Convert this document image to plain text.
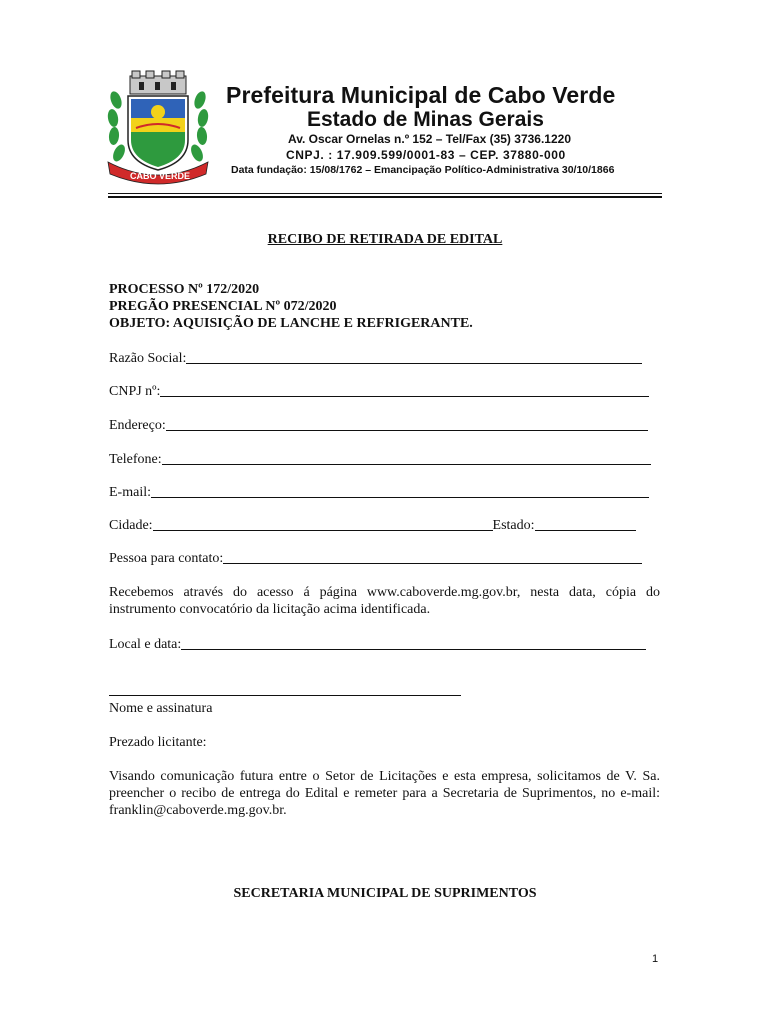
CABO VERDE
Prefeitura Municipal de Cabo Verde
Estado de Minas Gerais
Av. Oscar Ornelas n.º 152 – Tel/Fax (35) 3736.1220
CNPJ. : 17.909.599/0001-83 – CEP. 37880-000
Data fundação: 15/08/1762 – Emancipação Político-Administrativa 30/10/1866
RECIBO DE RETIRADA DE EDITAL
PROCESSO Nº 172/2020
PREGÃO PRESENCIAL Nº 072/2020
OBJETO: AQUISIÇÃO DE LANCHE E REFRIGERANTE.
Razão Social:
CNPJ nº:
Endereço:
Telefone:
E-mail:
Cidade:	Estado:
Pessoa para contato:
Recebemos através do acesso á página www.caboverde.mg.gov.br, nesta data, cópia do instrumento convocatório da licitação acima identificada.
Local e data:
Nome e assinatura
Prezado licitante:
Visando comunicação futura entre o Setor de Licitações e esta empresa, solicitamos de V. Sa. preencher o recibo de entrega do Edital e remeter para a Secretaria de Suprimentos, no e-mail: franklin@caboverde.mg.gov.br.
SECRETARIA MUNICIPAL DE SUPRIMENTOS
1
